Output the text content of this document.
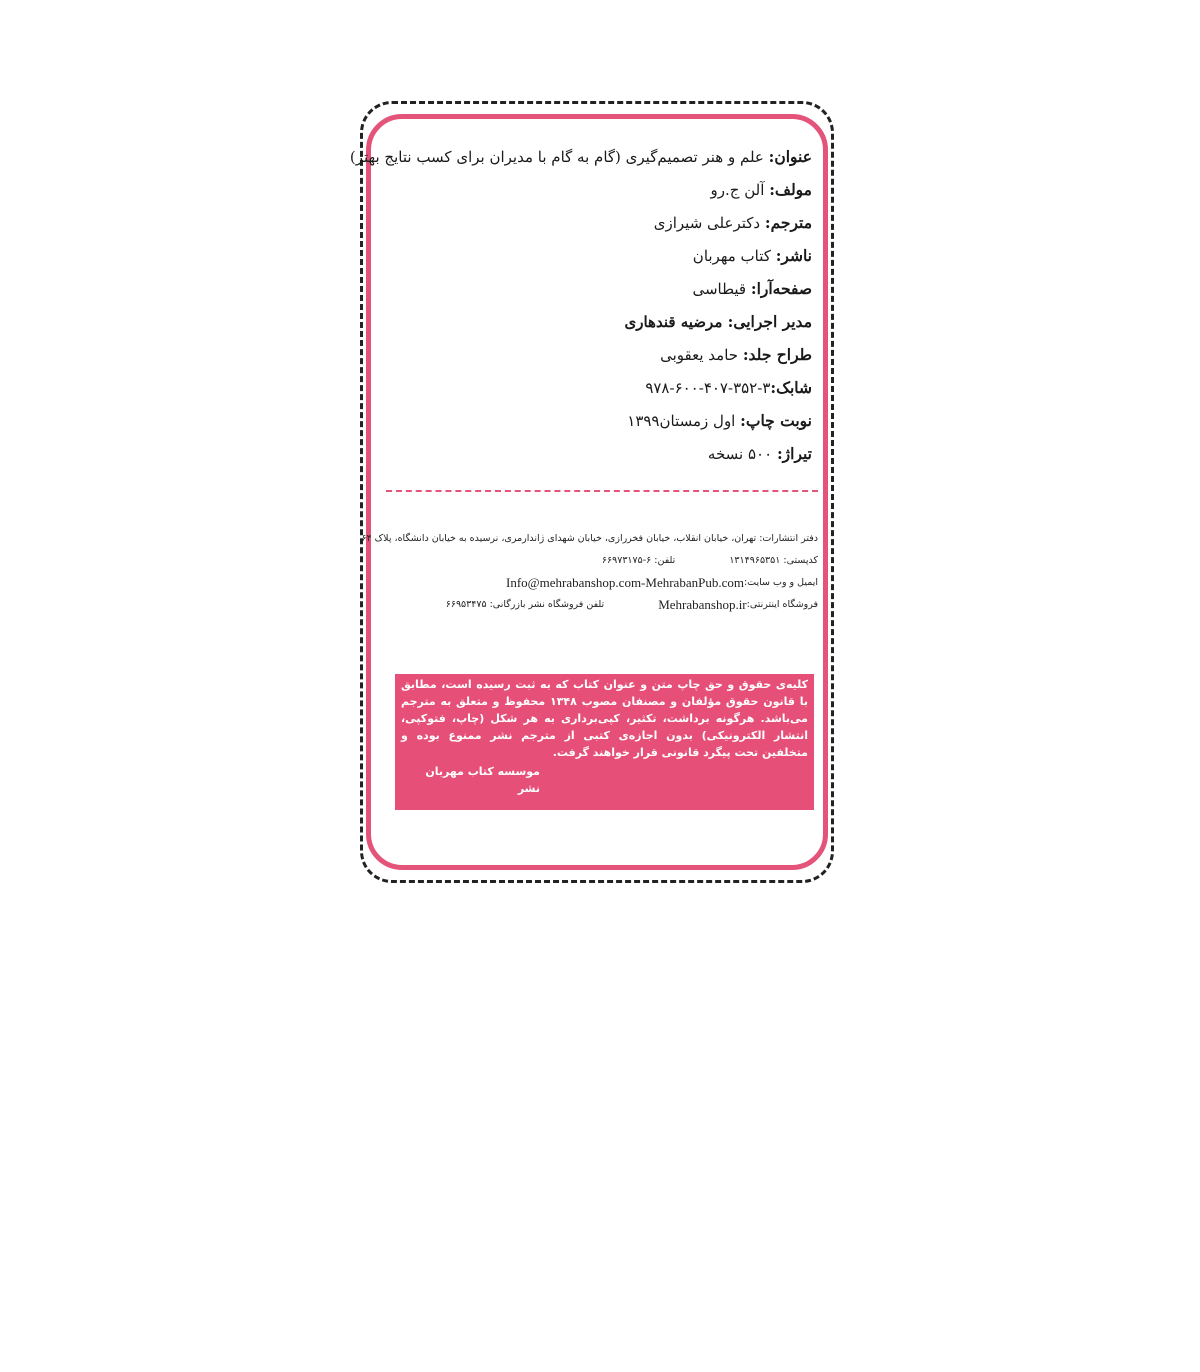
عنوان: علم و هنر تصمیم‌گیری (گام به گام با مدیران برای کسب نتایج بهتر)
مولف: آلن ج.رو
مترجم: دکترعلی شیرازی
ناشر: کتاب مهربان
صفحه‌آرا: قیطاسی
مدیر اجرایی: مرضیه قندهاری
طراح جلد: حامد یعقوبی
شابک:۳-۳۵۲-۴۰۷-۶۰۰-۹۷۸
نوبت چاپ: اول زمستان۱۳۹۹
تیراژ: ۵۰۰ نسخه
دفتر انتشارات: تهران، خیابان انقلاب، خیابان فخررازی، خیابان شهدای ژاندارمری، نرسیده به خیابان دانشگاه، پلاک ۶۴
کدپستی: ۱۳۱۴۹۶۵۳۵۱
تلفن: ۶-۶۶۹۷۳۱۷۵
ایمیل و وب سایت:
Info@mehrabanshop.com-MehrabanPub.com
فروشگاه اینترنتی:
Mehrabanshop.ir
تلفن فروشگاه نشر بازرگانی: ۶۶۹۵۳۴۷۵
کلیه‌ی حقوق و حق چاپ متن و عنوان کتاب که به ثبت رسیده است، مطابق با قانون حقوق مؤلفان و مصنفان مصوب ۱۳۴۸ محفوظ و متعلق به مترجم می‌باشد. هرگونه برداشت، تکثیر، کپی‌برداری به هر شکل (چاپ، فتوکپی، انتشار الکترونیکی) بدون اجازه‌ی کتبی از مترجم نشر ممنوع بوده و متخلفین تحت پیگرد قانونی قرار خواهند گرفت.
موسسه کتاب مهربان نشر
